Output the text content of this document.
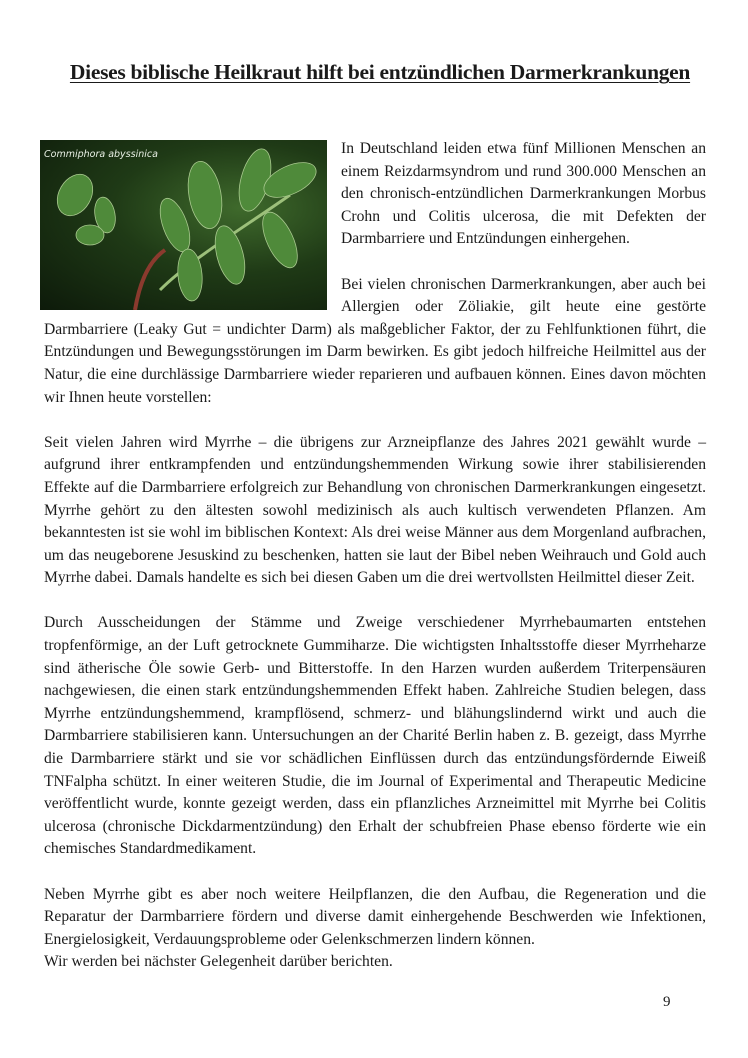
Dieses biblische Heilkraut hilft bei entzündlichen Darmerkrankungen
Commiphora abyssinica	In Deutschland leiden etwa fünf Millionen Menschen an einem Reizdarmsyndrom und rund 300.000 Menschen an den chronisch-entzündlichen Darmerkrankungen Morbus Crohn und Colitis ulcerosa, die mit Defekten der Darmbarriere und Entzündungen einhergehen.

Bei vielen chronischen Darmerkrankungen, aber auch bei Allergien oder Zöliakie, gilt heute eine gestörte Darmbarriere (Leaky Gut = undichter Darm) als maßgeblicher Faktor, der zu Fehlfunktionen führt, die Entzündungen und Bewegungsstörungen im Darm bewirken. Es gibt jedoch hilfreiche Heilmittel aus der Natur, die eine durchlässige Darmbarriere wieder reparieren und aufbauen können. Eines davon möchten wir Ihnen heute vorstellen:

Seit vielen Jahren wird Myrrhe – die übrigens zur Arzneipflanze des Jahres 2021 gewählt wurde – aufgrund ihrer entkrampfenden und entzündungshemmenden Wirkung sowie ihrer stabilisierenden Effekte auf die Darmbarriere erfolgreich zur Behandlung von chronischen Darmerkrankungen eingesetzt. Myrrhe gehört zu den ältesten sowohl medizinisch als auch kultisch verwendeten Pflanzen. Am bekanntesten ist sie wohl im biblischen Kontext: Als drei weise Männer aus dem Morgenland aufbrachen, um das neugeborene Jesuskind zu beschenken, hatten sie laut der Bibel neben Weihrauch und Gold auch Myrrhe dabei. Damals handelte es sich bei diesen Gaben um die drei wertvollsten Heilmittel dieser Zeit.

Durch Ausscheidungen der Stämme und Zweige verschiedener Myrrhebaumarten entstehen tropfenförmige, an der Luft getrocknete Gummiharze. Die wichtigsten Inhaltsstoffe dieser Myrrheharze sind ätherische Öle sowie Gerb- und Bitterstoffe. In den Harzen wurden außerdem Triterpensäuren nachgewiesen, die einen stark entzündungshemmenden Effekt haben. Zahlreiche Studien belegen, dass Myrrhe entzündungshemmend, krampflösend, schmerz- und blähungslindernd wirkt und auch die Darmbarriere stabilisieren kann. Untersuchungen an der Charité Berlin haben z. B. gezeigt, dass Myrrhe die Darmbarriere stärkt und sie vor schädlichen Einflüssen durch das entzündungsfördernde Eiweiß TNFalpha schützt. In einer weiteren Studie, die im Journal of Experimental and Therapeutic Medicine veröffentlicht wurde, konnte gezeigt werden, dass ein pflanzliches Arzneimittel mit Myrrhe bei Colitis ulcerosa (chronische Dickdarmentzündung) den Erhalt der schubfreien Phase ebenso förderte wie ein chemisches Standardmedikament.

Neben Myrrhe gibt es aber noch weitere Heilpflanzen, die den Aufbau, die Regeneration und die Reparatur der Darmbarriere fördern und diverse damit einhergehende Beschwerden wie Infektionen, Energielosigkeit, Verdauungsprobleme oder Gelenkschmerzen lindern können.

Wir werden bei nächster Gelegenheit darüber berichten.

9
